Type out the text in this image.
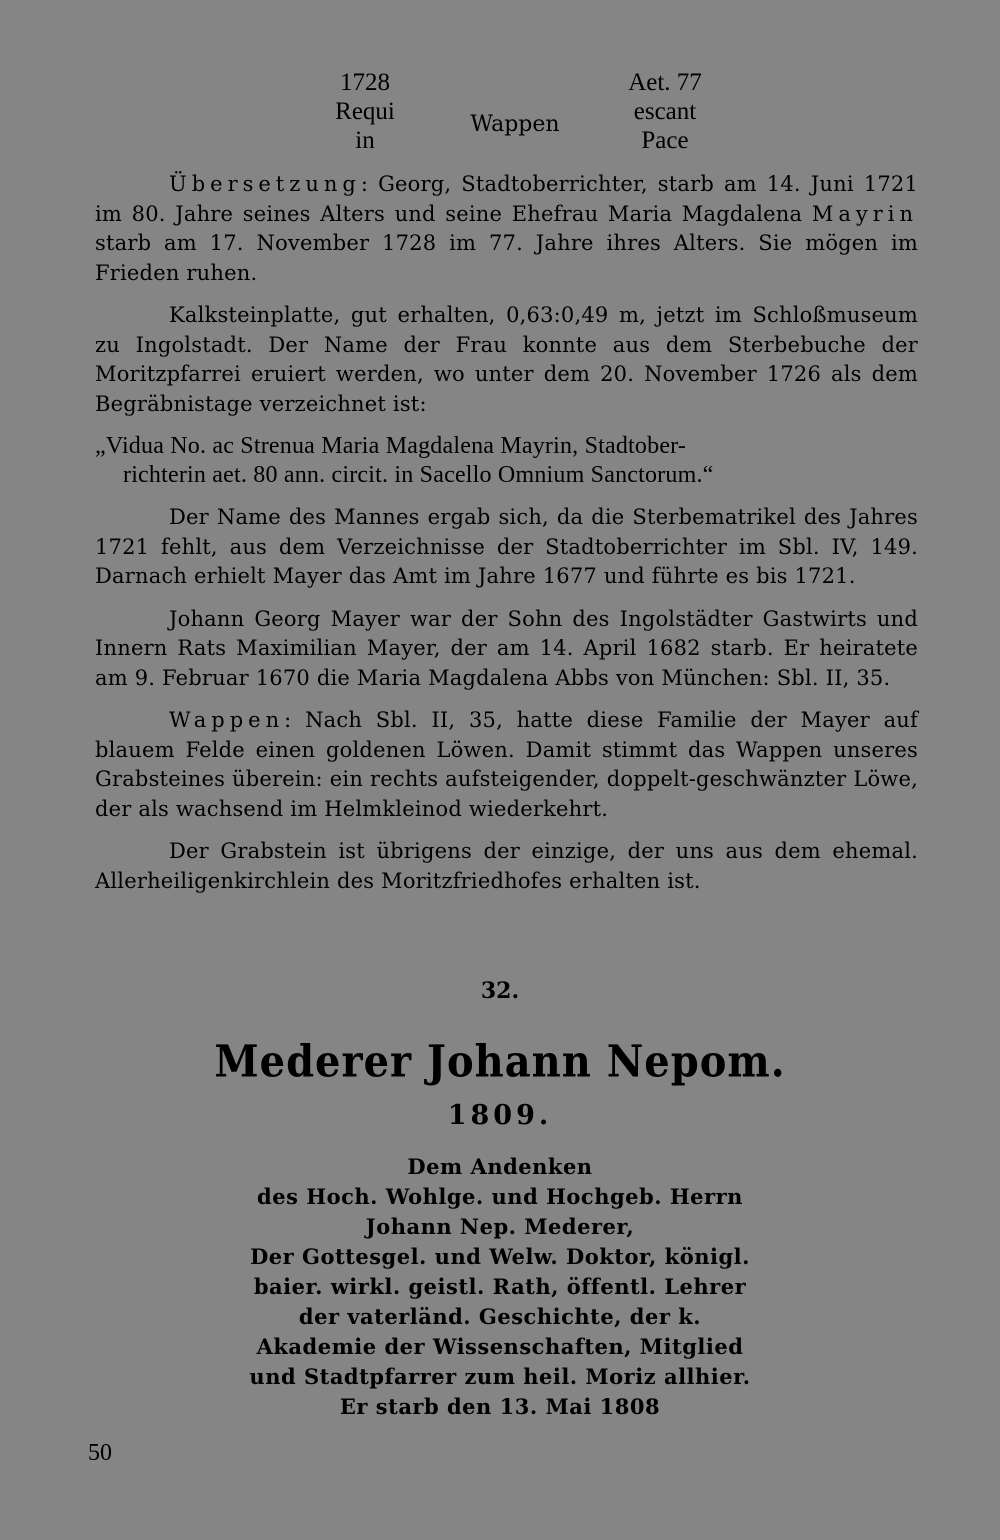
1728
Requi
in
Wappen
Aet. 77
escant
Pace

Übersetzung: Georg, Stadtoberrichter, starb am 14. Juni 1721 im 80. Jahre seines Alters und seine Ehefrau Maria Magdalena Mayrin starb am 17. November 1728 im 77. Jahre ihres Alters. Sie mögen im Frieden ruhen.

Kalksteinplatte, gut erhalten, 0,63:0,49 m, jetzt im Schloßmuseum zu Ingolstadt. Der Name der Frau konnte aus dem Sterbebuche der Moritzpfarrei eruiert werden, wo unter dem 20. November 1726 als dem Begräbnistage verzeichnet ist:

„Vidua No. ac Strenua Maria Magdalena Mayrin, Stadtober-
richterin aet. 80 ann. circit. in Sacello Omnium Sanctorum.“

Der Name des Mannes ergab sich, da die Sterbematrikel des Jahres 1721 fehlt, aus dem Verzeichnisse der Stadtoberrichter im Sbl. IV, 149. Darnach erhielt Mayer das Amt im Jahre 1677 und führte es bis 1721.

Johann Georg Mayer war der Sohn des Ingolstädter Gastwirts und Innern Rats Maximilian Mayer, der am 14. April 1682 starb. Er heiratete am 9. Februar 1670 die Maria Magdalena Abbs von München: Sbl. II, 35.

Wappen: Nach Sbl. II, 35, hatte diese Familie der Mayer auf blauem Felde einen goldenen Löwen. Damit stimmt das Wappen unseres Grabsteines überein: ein rechts aufsteigender, doppelt-geschwänzter Löwe, der als wachsend im Helmkleinod wiederkehrt.

Der Grabstein ist übrigens der einzige, der uns aus dem ehemal. Allerheiligenkirchlein des Moritzfriedhofes erhalten ist.

32.
Mederer Johann Nepom.
1809.
Dem Andenken
des Hoch. Wohlge. und Hochgeb. Herrn
Johann Nep. Mederer,
Der Gottesgel. und Welw. Doktor, königl.
baier. wirkl. geistl. Rath, öffentl. Lehrer
der vaterländ. Geschichte, der k.
Akademie der Wissenschaften, Mitglied
und Stadtpfarrer zum heil. Moriz allhier.
Er starb den 13. Mai 1808
50
